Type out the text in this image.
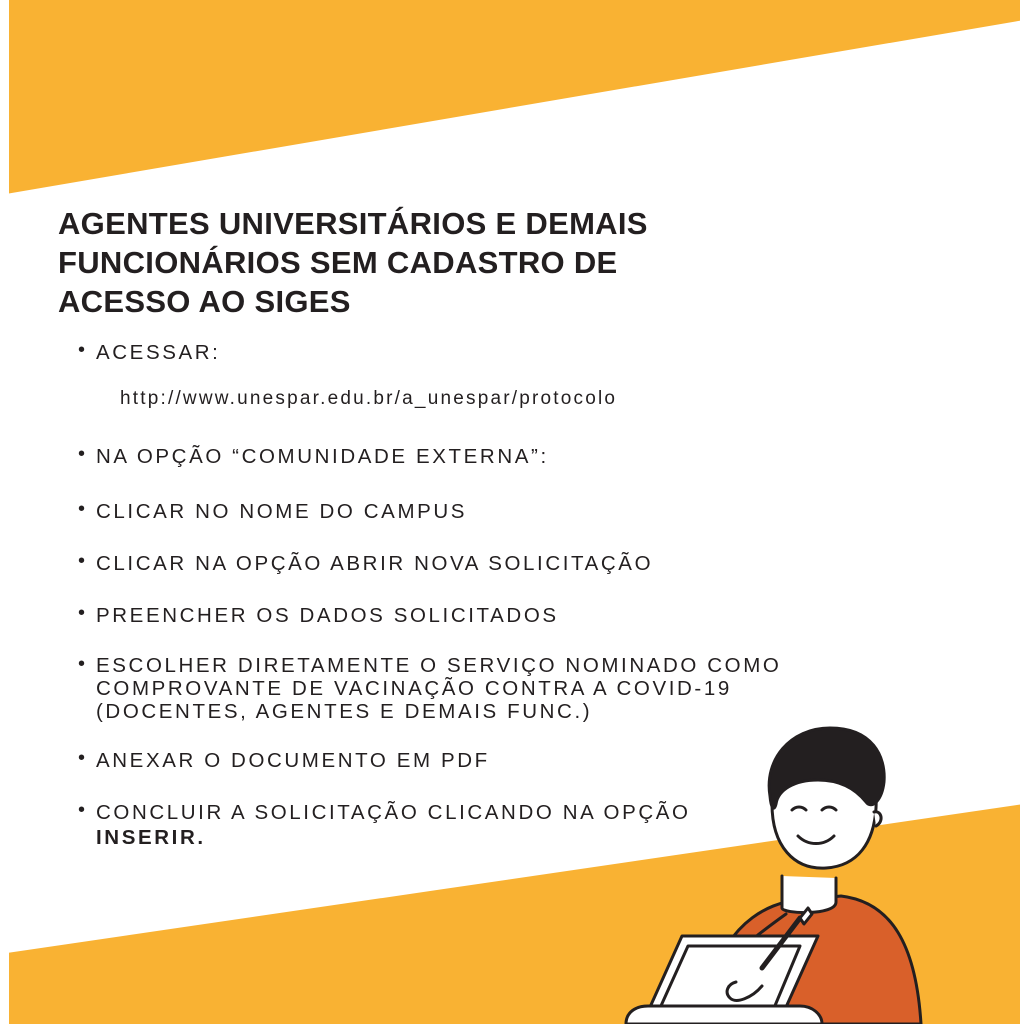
AGENTES UNIVERSITÁRIOS E DEMAIS FUNCIONÁRIOS SEM CADASTRO DE ACESSO AO SIGES
• ACESSAR:
http://www.unespar.edu.br/a_unespar/protocolo
• NA OPÇÃO “COMUNIDADE EXTERNA”:
• CLICAR NO NOME DO CAMPUS
• CLICAR NA OPÇÃO ABRIR NOVA SOLICITAÇÃO
• PREENCHER OS DADOS SOLICITADOS
• ESCOLHER DIRETAMENTE O SERVIÇO NOMINADO COMO
COMPROVANTE DE VACINAÇÃO CONTRA A COVID-19
(DOCENTES, AGENTES E DEMAIS FUNC.)
• ANEXAR O DOCUMENTO EM PDF
• CONCLUIR A SOLICITAÇÃO CLICANDO NA OPÇÃO
INSERIR.
